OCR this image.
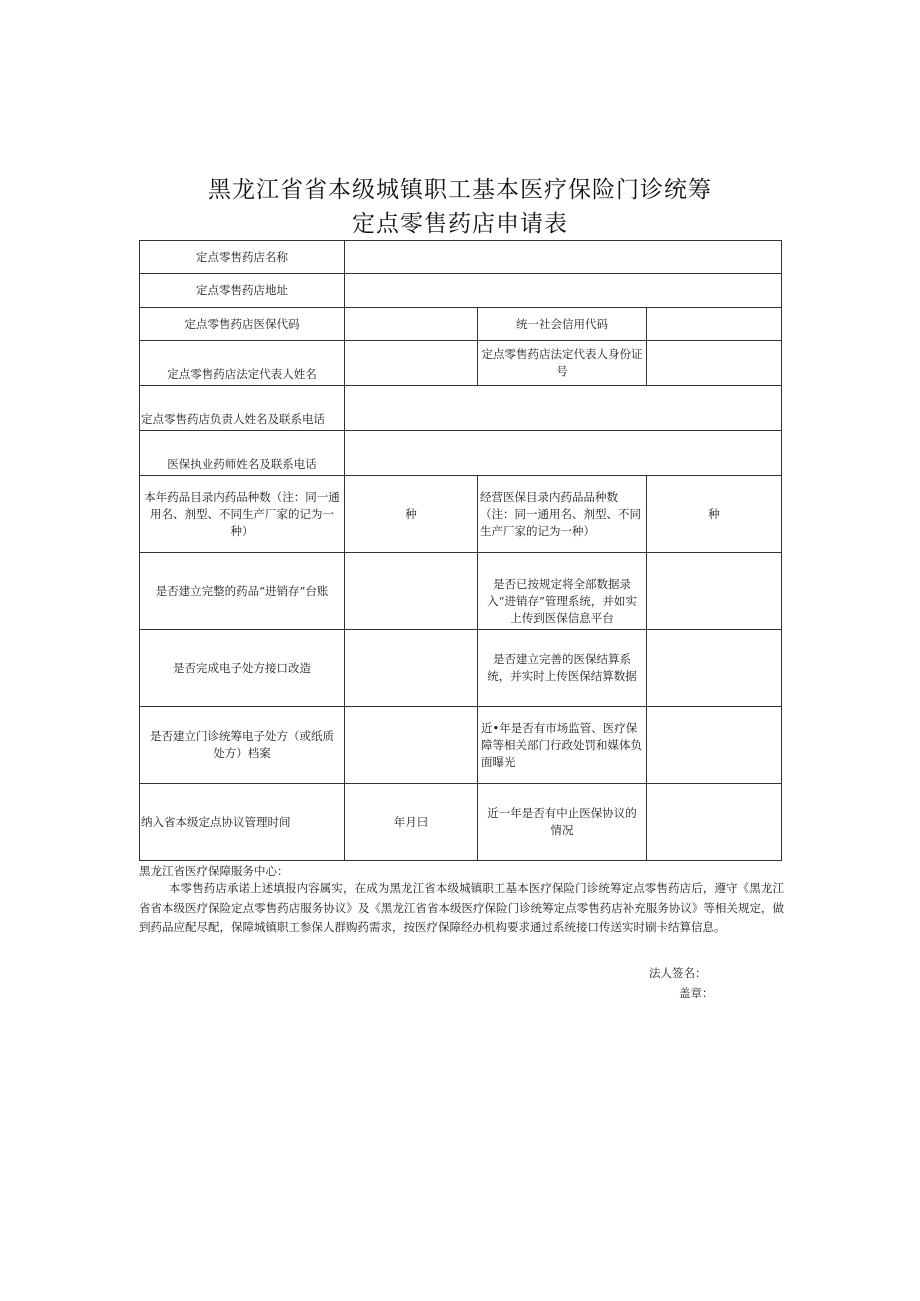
黑龙江省省本级城镇职工基本医疗保险门诊统筹
定点零售药店申请表
定点零售药店名称			
定点零售药店地址			
定点零售药店医保代码		统一社会信用代码	
定点零售药店法定代表人姓名		定点零售药店法定代表人身份证号	
定点零售药店负责人姓名及联系电话			
医保执业药师姓名及联系电话			
本年药品目录内药品种数（注：同一通用名、剂型、不同生产厂家的记为一种）	种	经营医保目录内药品品种数（注：同一通用名、剂型、不同生产厂家的记为一种）	种
是否建立完整的药品“进销存”台账		是否已按规定将全部数据录入“进销存”管理系统，并如实上传到医保信息平台	
是否完成电子处方接口改造		是否建立完善的医保结算系统，并实时上传医保结算数据	
是否建立门诊统筹电子处方（或纸质处方）档案		近•年是否有市场监管、医疗保障等相关部门行政处罚和媒体负面曝光	
纳入省本级定点协议管理时间	年月曰	近一年是否有中止医保协议的情况	
黑龙江省医疗保障服务中心：
本零售药店承诺上述填报内容属实，在成为黑龙江省本级城镇职工基本医疗保险门诊统筹定点零售药店后，遵守《黑龙江省省本级医疗保险定点零售药店服务协议》及《黑龙江省省本级医疗保险门诊统筹定点零售药店补充服务协议》等相关规定，做到药品应配尽配，保障城镇职工参保人群购药需求，按医疗保障经办机构要求通过系统接口传送实时刷卡结算信息。
法人签名：
盖章：
